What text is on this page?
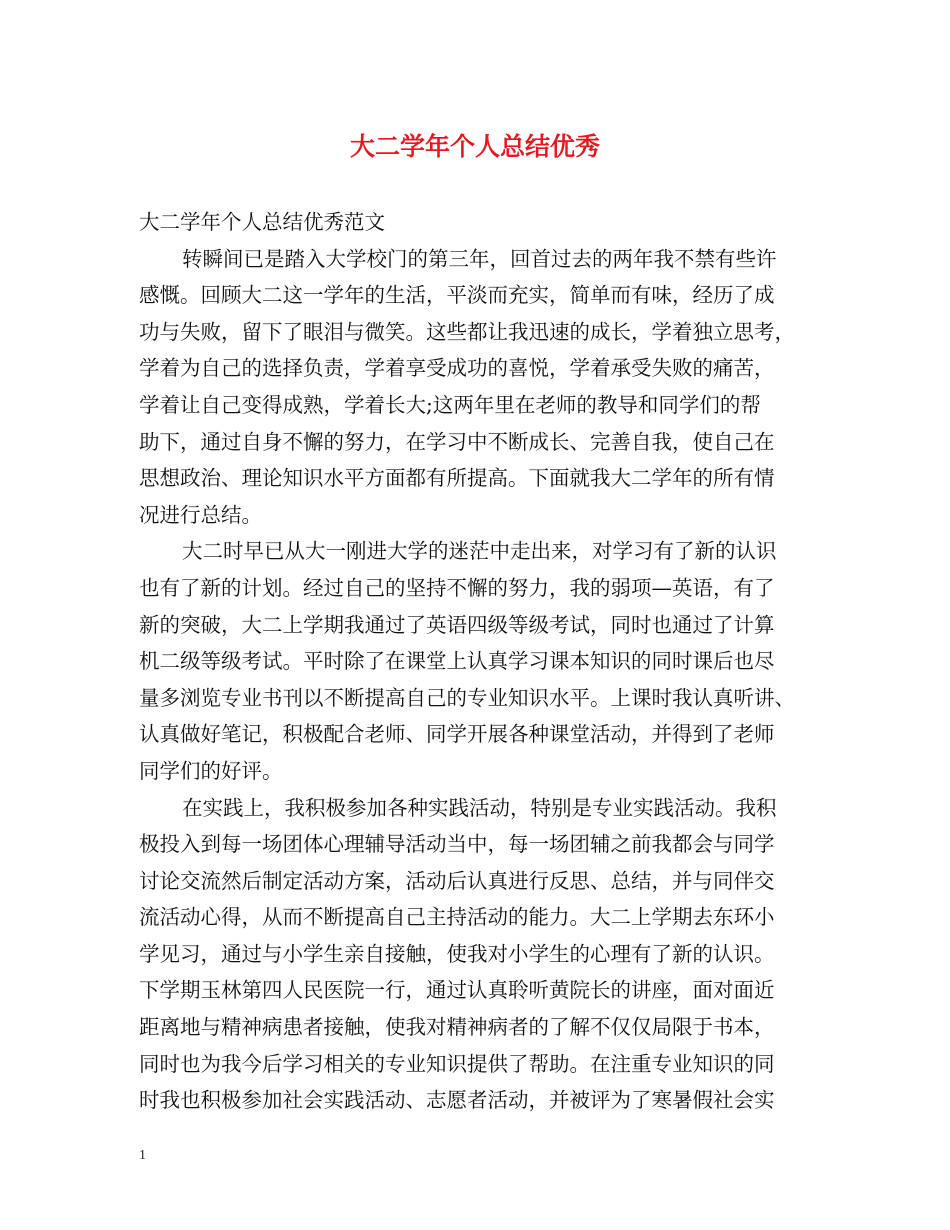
大二学年个人总结优秀

大二学年个人总结优秀范文

转瞬间已是踏入大学校门的第三年，回首过去的两年我不禁有些许
感慨。回顾大二这一学年的生活，平淡而充实，简单而有味，经历了成
功与失败，留下了眼泪与微笑。这些都让我迅速的成长，学着独立思考，
学着为自己的选择负责，学着享受成功的喜悦，学着承受失败的痛苦，
学着让自己变得成熟，学着长大;这两年里在老师的教导和同学们的帮
助下，通过自身不懈的努力，在学习中不断成长、完善自我，使自己在
思想政治、理论知识水平方面都有所提高。下面就我大二学年的所有情
况进行总结。

大二时早已从大一刚进大学的迷茫中走出来，对学习有了新的认识
也有了新的计划。经过自己的坚持不懈的努力，我的弱项—英语，有了
新的突破，大二上学期我通过了英语四级等级考试，同时也通过了计算
机二级等级考试。平时除了在课堂上认真学习课本知识的同时课后也尽
量多浏览专业书刊以不断提高自己的专业知识水平。上课时我认真听讲、
认真做好笔记，积极配合老师、同学开展各种课堂活动，并得到了老师
同学们的好评。

在实践上，我积极参加各种实践活动，特别是专业实践活动。我积
极投入到每一场团体心理辅导活动当中，每一场团辅之前我都会与同学
讨论交流然后制定活动方案，活动后认真进行反思、总结，并与同伴交
流活动心得，从而不断提高自己主持活动的能力。大二上学期去东环小
学见习，通过与小学生亲自接触，使我对小学生的心理有了新的认识。
下学期玉林第四人民医院一行，通过认真聆听黄院长的讲座，面对面近
距离地与精神病患者接触，使我对精神病者的了解不仅仅局限于书本，
同时也为我今后学习相关的专业知识提供了帮助。在注重专业知识的同
时我也积极参加社会实践活动、志愿者活动，并被评为了寒暑假社会实

1
